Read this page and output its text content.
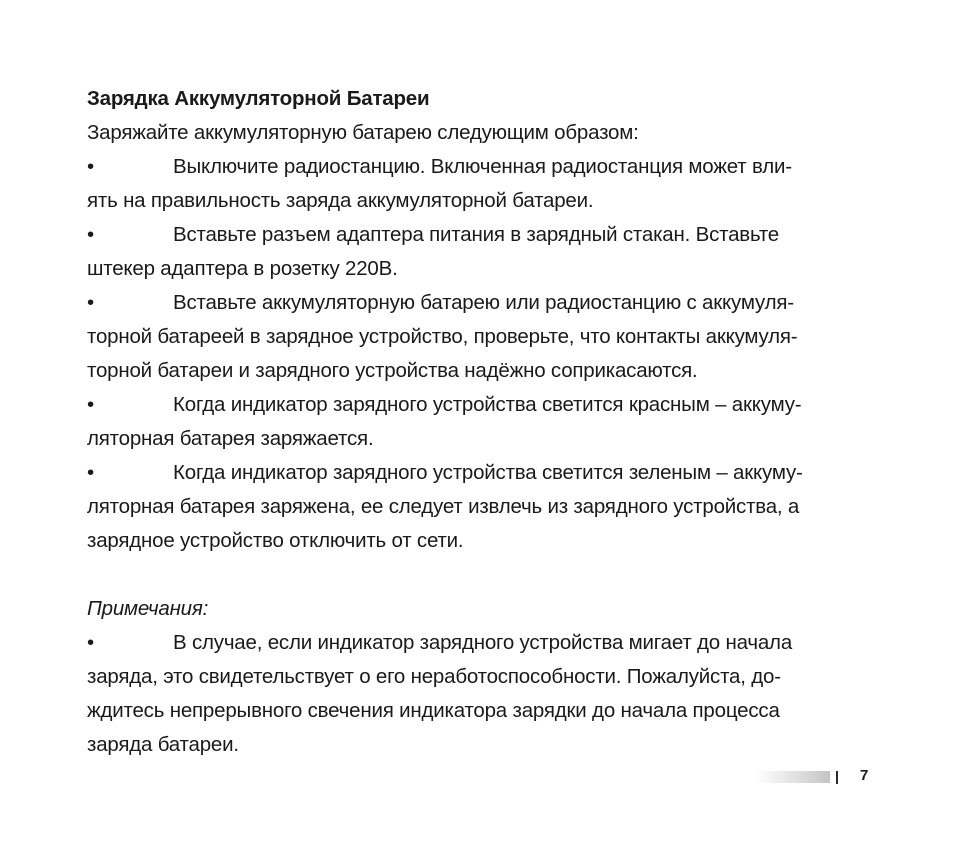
Зарядка Аккумуляторной Батареи
Заряжайте аккумуляторную батарею следующим образом:
•	Выключите радиостанцию. Включенная радиостанция может вли-
ять на правильность заряда аккумуляторной батареи.
•	Вставьте разъем адаптера питания в зарядный стакан. Вставьте
штекер адаптера в розетку 220В.
•	Вставьте аккумуляторную батарею или радиостанцию с аккумуля-
торной батареей в зарядное устройство, проверьте, что контакты аккумуля-
торной батареи и зарядного устройства надёжно соприкасаются.
•	Когда индикатор зарядного устройства светится красным – аккуму-
ляторная батарея заряжается.
•	Когда индикатор зарядного устройства светится зеленым – аккуму-
ляторная батарея заряжена, ее следует извлечь из зарядного устройства, а
зарядное устройство отключить от сети.
Примечания:
•	В случае, если индикатор зарядного устройства мигает до начала
заряда, это свидетельствует о его неработоспособности. Пожалуйста, до-
ждитесь непрерывного свечения индикатора зарядки до начала процесса
заряда батареи.
7
